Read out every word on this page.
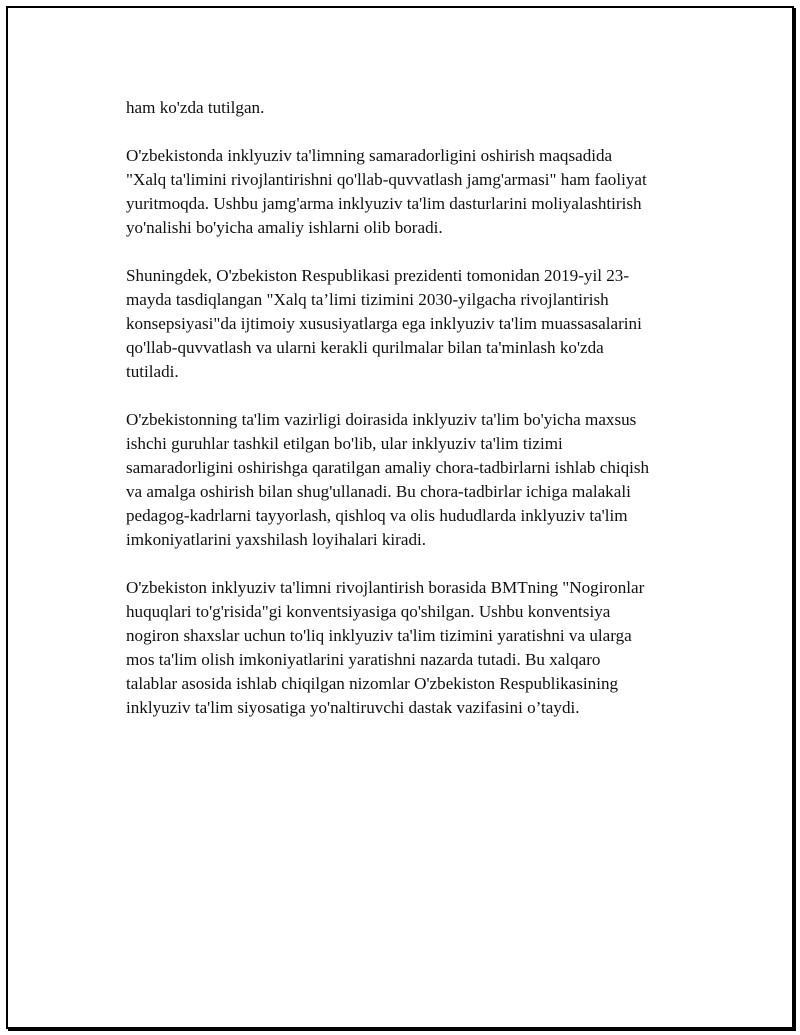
ham ko'zda tutilgan.

O'zbekistonda inklyuziv ta'limning samaradorligini oshirish maqsadida
"Xalq ta'limini rivojlantirishni qo'llab-quvvatlash jamg'armasi" ham faoliyat
yuritmoqda. Ushbu jamg'arma inklyuziv ta'lim dasturlarini moliyalashtirish
yo'nalishi bo'yicha amaliy ishlarni olib boradi.

Shuningdek, O'zbekiston Respublikasi prezidenti tomonidan 2019-yil 23-
mayda tasdiqlangan "Xalq ta’limi tizimini 2030-yilgacha rivojlantirish
konsepsiyasi"da ijtimoiy xususiyatlarga ega inklyuziv ta'lim muassasalarini
qo'llab-quvvatlash va ularni kerakli qurilmalar bilan ta'minlash ko'zda
tutiladi.

O'zbekistonning ta'lim vazirligi doirasida inklyuziv ta'lim bo'yicha maxsus
ishchi guruhlar tashkil etilgan bo'lib, ular inklyuziv ta'lim tizimi
samaradorligini oshirishga qaratilgan amaliy chora-tadbirlarni ishlab chiqish
va amalga oshirish bilan shug'ullanadi. Bu chora-tadbirlar ichiga malakali
pedagog-kadrlarni tayyorlash, qishloq va olis hududlarda inklyuziv ta'lim
imkoniyatlarini yaxshilash loyihalari kiradi.

O'zbekiston inklyuziv ta'limni rivojlantirish borasida BMTning "Nogironlar
huquqlari to'g'risida"gi konventsiyasiga qo'shilgan. Ushbu konventsiya
nogiron shaxslar uchun to'liq inklyuziv ta'lim tizimini yaratishni va ularga
mos ta'lim olish imkoniyatlarini yaratishni nazarda tutadi. Bu xalqaro
talablar asosida ishlab chiqilgan nizomlar O'zbekiston Respublikasining
inklyuziv ta'lim siyosatiga yo'naltiruvchi dastak vazifasini o’taydi.
